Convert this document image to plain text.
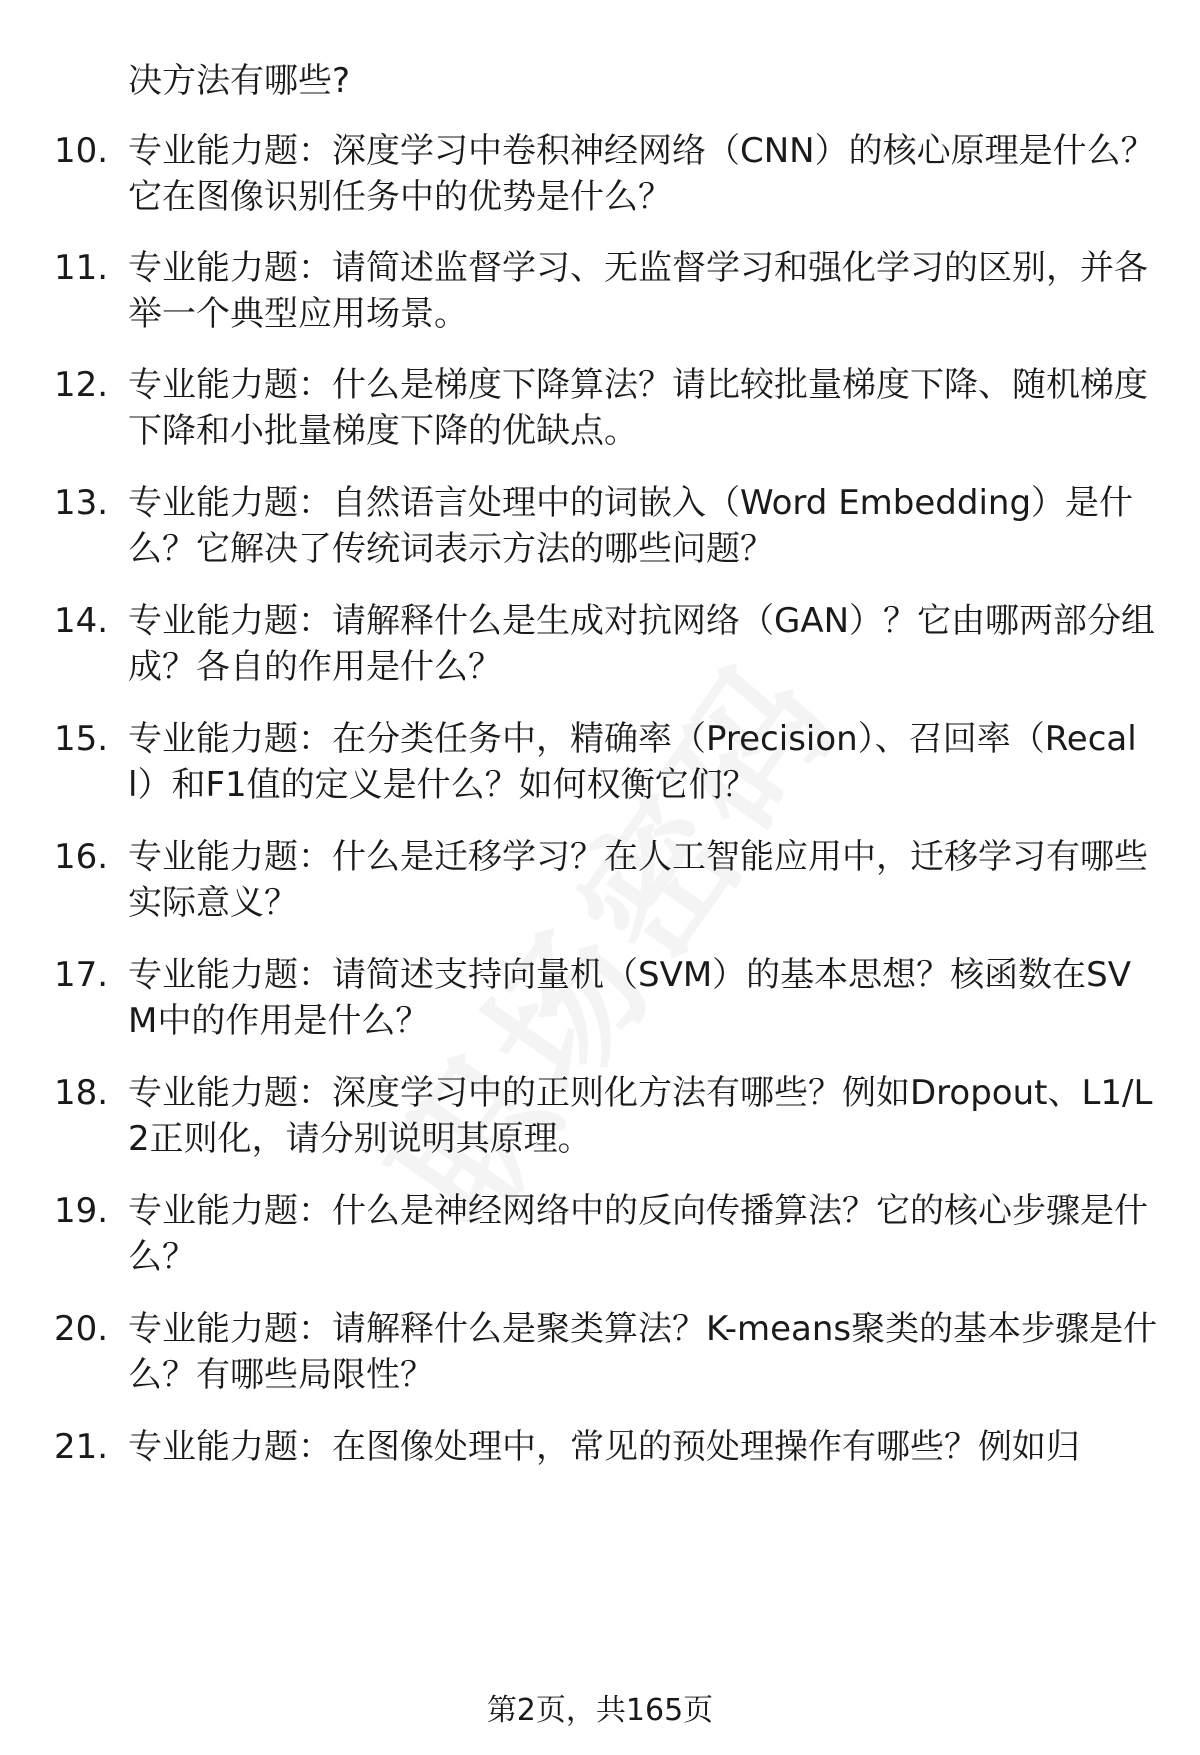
决方法有哪些?
10. 专业能力题：深度学习中卷积神经网络（CNN）的核心原理是什么？它在图像识别任务中的优势是什么？
11. 专业能力题：请简述监督学习、无监督学习和强化学习的区别，并各举一个典型应用场景。
12. 专业能力题：什么是梯度下降算法？请比较批量梯度下降、随机梯度下降和小批量梯度下降的优缺点。
13. 专业能力题：自然语言处理中的词嵌入（Word Embedding）是什么？它解决了传统词表示方法的哪些问题？
14. 专业能力题：请解释什么是生成对抗网络（GAN）？它由哪两部分组成？各自的作用是什么？
15. 专业能力题：在分类任务中，精确率（Precision）、召回率（Recall）和F1值的定义是什么？如何权衡它们？
16. 专业能力题：什么是迁移学习？在人工智能应用中，迁移学习有哪些实际意义？
17. 专业能力题：请简述支持向量机（SVM）的基本思想？核函数在SVM中的作用是什么？
18. 专业能力题：深度学习中的正则化方法有哪些？例如Dropout、L1/L2正则化，请分别说明其原理。
19. 专业能力题：什么是神经网络中的反向传播算法？它的核心步骤是什么？
20. 专业能力题：请解释什么是聚类算法？K-means聚类的基本步骤是什么？有哪些局限性？
21. 专业能力题：在图像处理中，常见的预处理操作有哪些？例如归
第2页，共165页
